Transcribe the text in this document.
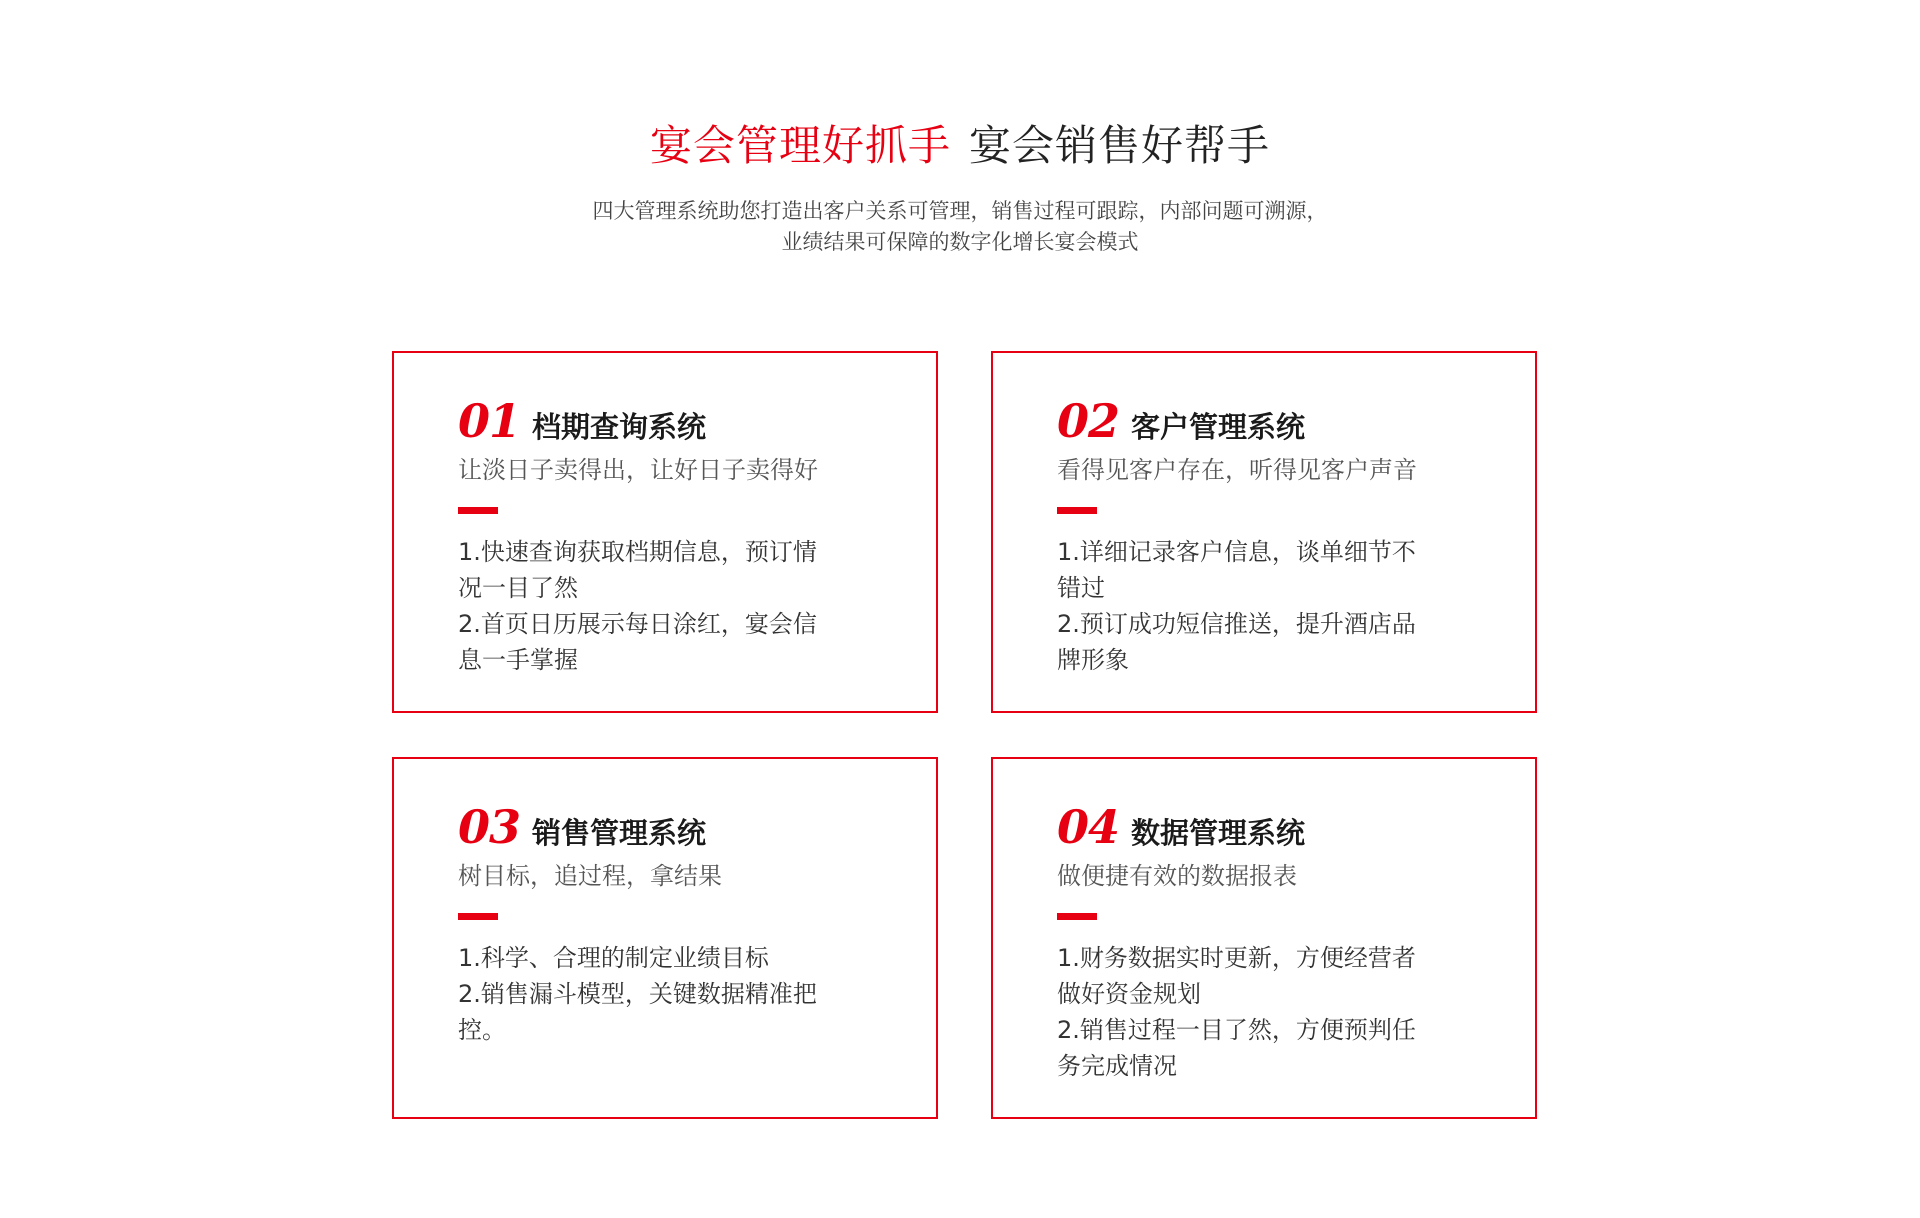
宴会管理好抓手 宴会销售好帮手
四大管理系统助您打造出客户关系可管理，销售过程可跟踪，内部问题可溯源，
业绩结果可保障的数字化增长宴会模式
01 档期查询系统
让淡日子卖得出，让好日子卖得好

1.快速查询获取档期信息，预订情况一目了然

2.首页日历展示每日涂红，宴会信息一手掌握

02 客户管理系统
看得见客户存在，听得见客户声音

1.详细记录客户信息，谈单细节不错过

2.预订成功短信推送，提升酒店品牌形象

03 销售管理系统
树目标，追过程，拿结果

1.科学、合理的制定业绩目标

2.销售漏斗模型，关键数据精准把控。

04 数据管理系统
做便捷有效的数据报表

1.财务数据实时更新，方便经营者做好资金规划

2.销售过程一目了然，方便预判任务完成情况
